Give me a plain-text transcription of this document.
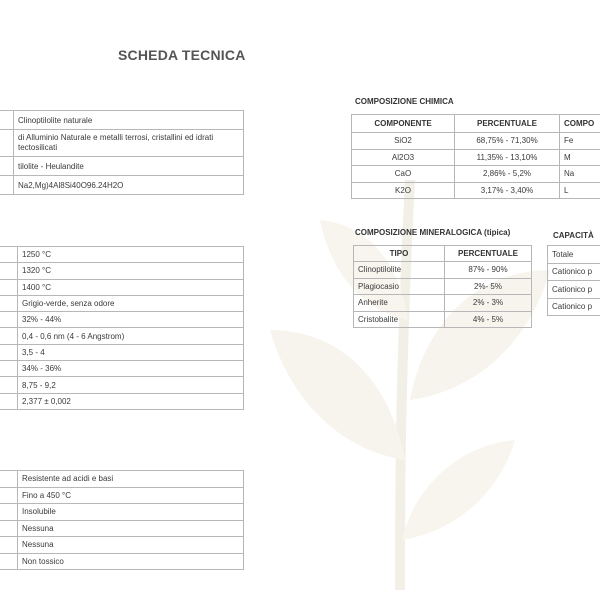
SCHEDA TECNICA
	Clinoptilolite naturale
	di Alluminio Naturale e metalli terrosi, cristallini ed idrati
tectosilicati
	tilolite - Heulandite
	Na2,Mg)4Al8Si40O96.24H2O
	1250 °C
	1320 °C
	1400 °C
	Grigio-verde, senza odore
	32% - 44%
	0,4 - 0,6 nm (4 - 6 Angstrom)
	3,5 - 4
	34% - 36%
	8,75 - 9,2
	2,377 ± 0,002
	Resistente ad acidi e basi
	Fino a 450 °C
	Insolubile
	Nessuna
	Nessuna
	Non tossico
COMPOSIZIONE CHIMICA
COMPONENTE	PERCENTUALE	COMPO
SiO2	68,75% - 71,30%	Fe
Al2O3	11,35% - 13,10%	M
CaO	2,86% - 5,2%	Na
K2O	3,17% - 3,40%	L
COMPOSIZIONE MINERALOGICA (tipica)
TIPO	PERCENTUALE
Clinoptilolite	87% - 90%
Plagiocasio	2%- 5%
Anherite	2% - 3%
Cristobalite	4% - 5%
CAPACITÀ
Totale
Cationico p
Cationico p
Cationico p
